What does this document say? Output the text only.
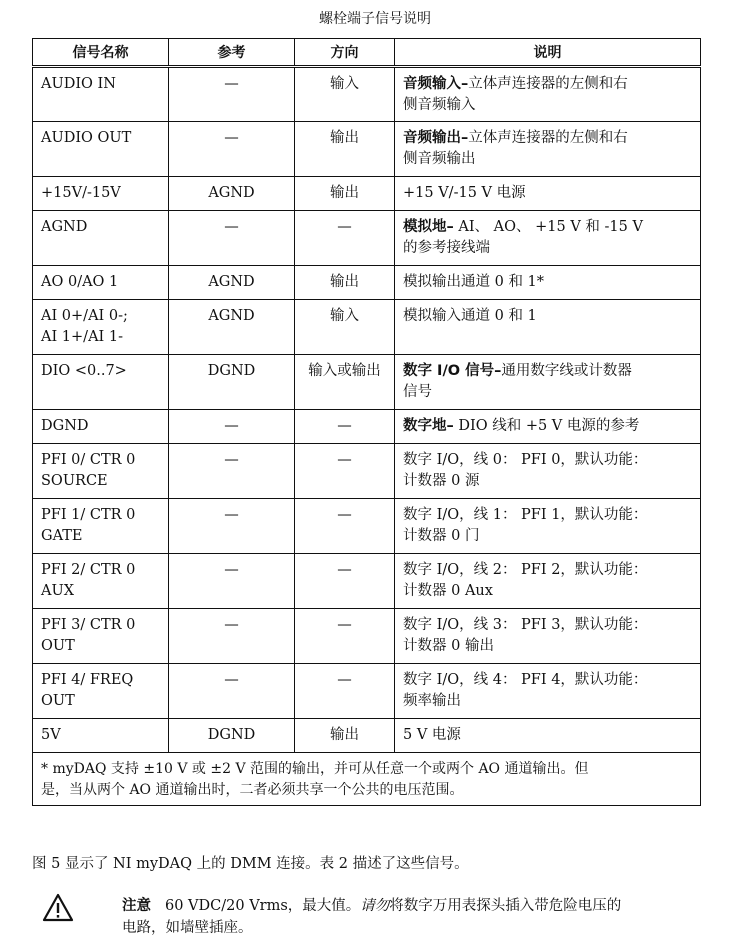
螺栓端子信号说明
信号名称	参考	方向	说明

AUDIO IN	—	输入	音频输入–立体声连接器的左侧和右
侧音频输入

AUDIO OUT	—	输出	音频输出–立体声连接器的左侧和右
侧音频输出

+15V/-15V	AGND	输出	+15 V/-15 V 电源

AGND	—	—	模拟地– AI、 AO、 +15 V 和 -15 V
的参考接线端

AO 0/AO 1	AGND	输出	模拟输出通道 0 和 1*

AI 0+/AI 0-;
AI 1+/AI 1-	AGND	输入	模拟输入通道 0 和 1

DIO <0..7>	DGND	输入或输出	数字 I/O 信号–通用数字线或计数器
信号

DGND	—	—	数字地– DIO 线和 +5 V 电源的参考

PFI 0/ CTR 0
SOURCE	—	—	数字 I/O，线 0： PFI 0，默认功能：
计数器 0 源

PFI 1/ CTR 0
GATE	—	—	数字 I/O，线 1： PFI 1，默认功能：
计数器 0 门

PFI 2/ CTR 0
AUX	—	—	数字 I/O，线 2： PFI 2，默认功能：
计数器 0 Aux

PFI 3/ CTR 0
OUT	—	—	数字 I/O，线 3： PFI 3，默认功能：
计数器 0 输出

PFI 4/ FREQ
OUT	—	—	数字 I/O，线 4： PFI 4，默认功能：
频率输出

5V	DGND	输出	5 V 电源

* myDAQ 支持 ±10 V 或 ±2 V 范围的输出，并可从任意一个或两个 AO 通道输出。但
是，当从两个 AO 通道输出时，二者必须共享一个公共的电压范围。			
图 5 显示了 NI myDAQ 上的 DMM 连接。表 2 描述了这些信号。
注意 60 VDC/20 Vrms，最大值。请勿将数字万用表探头插入带危险电压的
电路，如墙壁插座。
